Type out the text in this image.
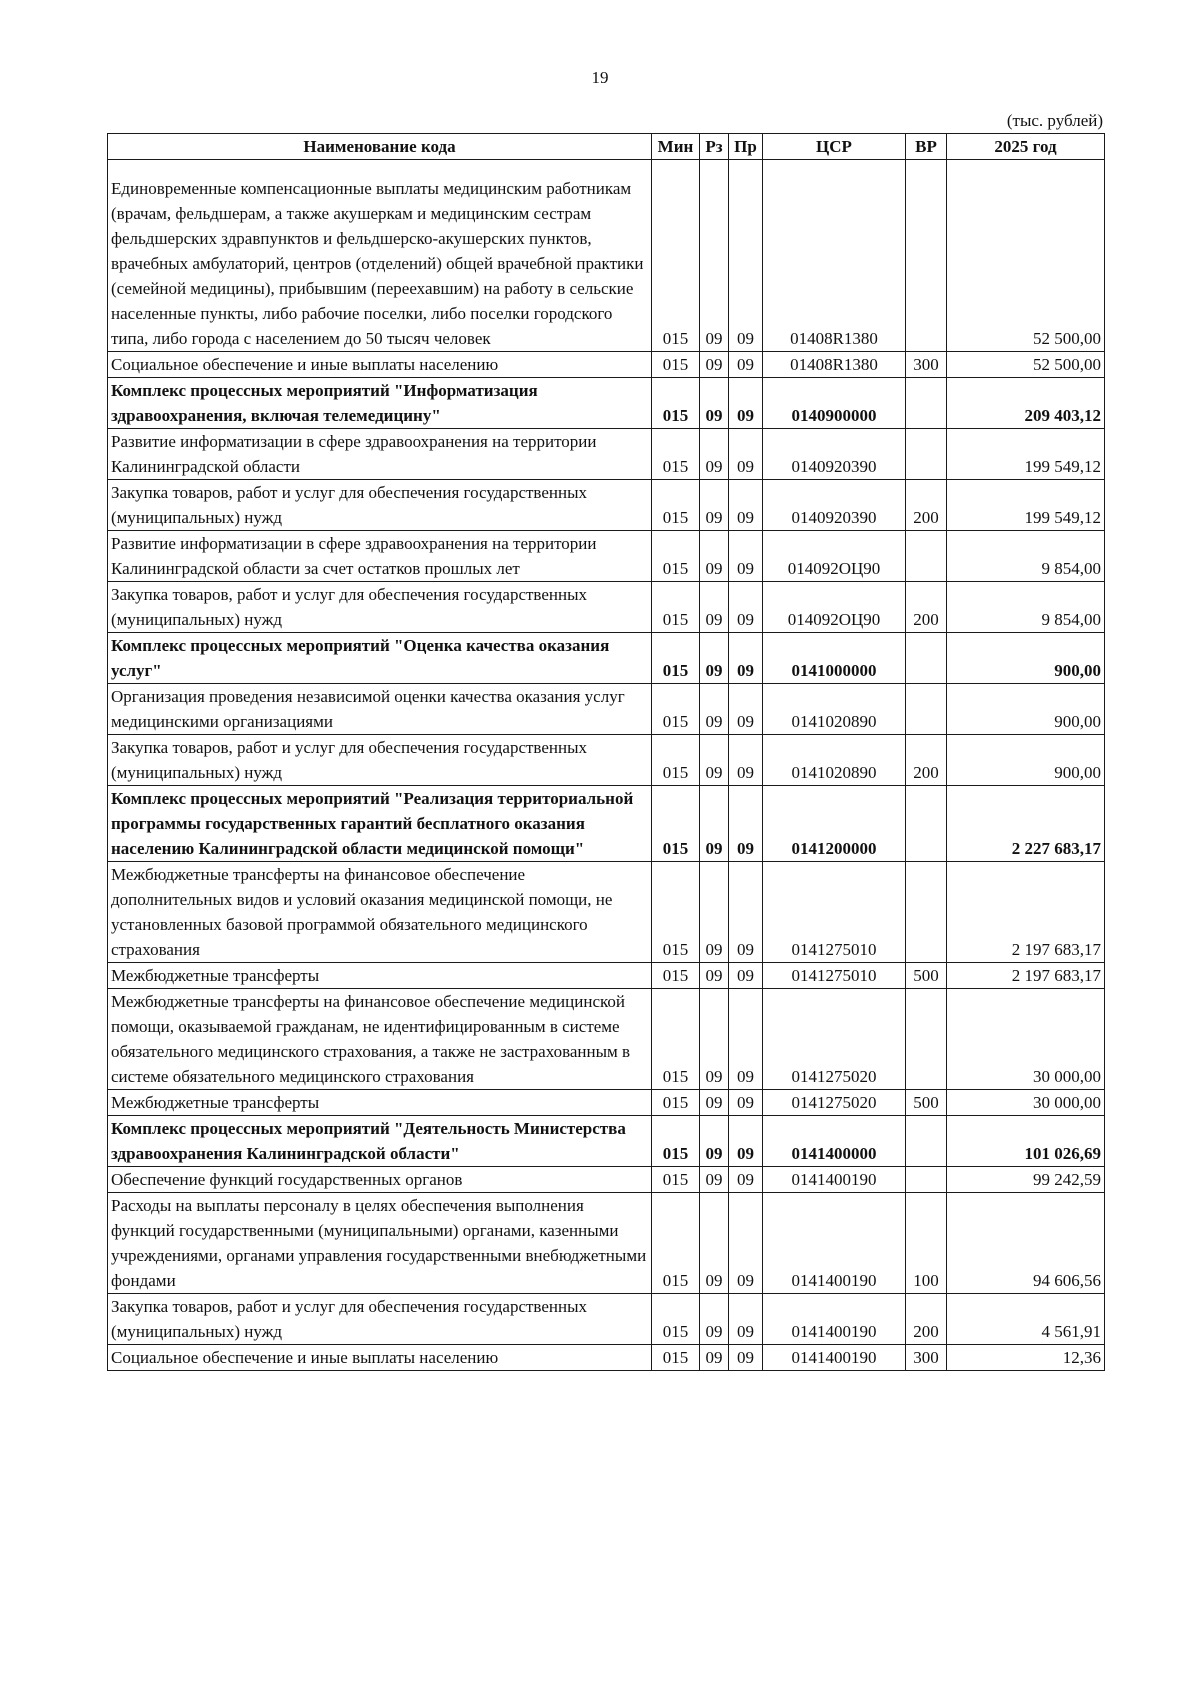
19
(тыс. рублей)
Наименование кода	Мин	Рз	Пр	ЦСР	ВР	2025 год
Единовременные компенсационные выплаты медицинским работникам (врачам, фельдшерам, а также акушеркам и медицинским сестрам фельдшерских здравпунктов и фельдшерско-акушерских пунктов, врачебных амбулаторий, центров (отделений) общей врачебной практики (семейной медицины), прибывшим (переехавшим) на работу в сельские населенные пункты, либо рабочие поселки, либо поселки городского типа, либо города с населением до 50 тысяч человек	015	09	09	01408R1380		52 500,00
Социальное обеспечение и иные выплаты населению	015	09	09	01408R1380	300	52 500,00
Комплекс процессных мероприятий "Информатизация здравоохранения, включая телемедицину"	015	09	09	0140900000		209 403,12
Развитие информатизации в сфере здравоохранения на территории Калининградской области	015	09	09	0140920390		199 549,12
Закупка товаров, работ и услуг для обеспечения государственных (муниципальных) нужд	015	09	09	0140920390	200	199 549,12
Развитие информатизации в сфере здравоохранения на территории Калининградской области за счет остатков прошлых лет	015	09	09	014092ОЦ90		9 854,00
Закупка товаров, работ и услуг для обеспечения государственных (муниципальных) нужд	015	09	09	014092ОЦ90	200	9 854,00
Комплекс процессных мероприятий "Оценка качества оказания услуг"	015	09	09	0141000000		900,00
Организация проведения независимой оценки качества оказания услуг медицинскими организациями	015	09	09	0141020890		900,00
Закупка товаров, работ и услуг для обеспечения государственных (муниципальных) нужд	015	09	09	0141020890	200	900,00
Комплекс процессных мероприятий "Реализация территориальной программы государственных гарантий бесплатного оказания населению Калининградской области медицинской помощи"	015	09	09	0141200000		2 227 683,17
Межбюджетные трансферты на финансовое обеспечение дополнительных видов и условий оказания медицинской помощи, не установленных базовой программой обязательного медицинского страхования	015	09	09	0141275010		2 197 683,17
Межбюджетные трансферты	015	09	09	0141275010	500	2 197 683,17
Межбюджетные трансферты на финансовое обеспечение медицинской помощи, оказываемой гражданам, не идентифицированным в системе обязательного медицинского страхования, а также не застрахованным в системе обязательного медицинского страхования	015	09	09	0141275020		30 000,00
Межбюджетные трансферты	015	09	09	0141275020	500	30 000,00
Комплекс процессных мероприятий "Деятельность Министерства здравоохранения Калининградской области"	015	09	09	0141400000		101 026,69
Обеспечение функций государственных органов	015	09	09	0141400190		99 242,59
Расходы на выплаты персоналу в целях обеспечения выполнения функций государственными (муниципальными) органами, казенными учреждениями, органами управления государственными внебюджетными фондами	015	09	09	0141400190	100	94 606,56
Закупка товаров, работ и услуг для обеспечения государственных (муниципальных) нужд	015	09	09	0141400190	200	4 561,91
Социальное обеспечение и иные выплаты населению	015	09	09	0141400190	300	12,36
